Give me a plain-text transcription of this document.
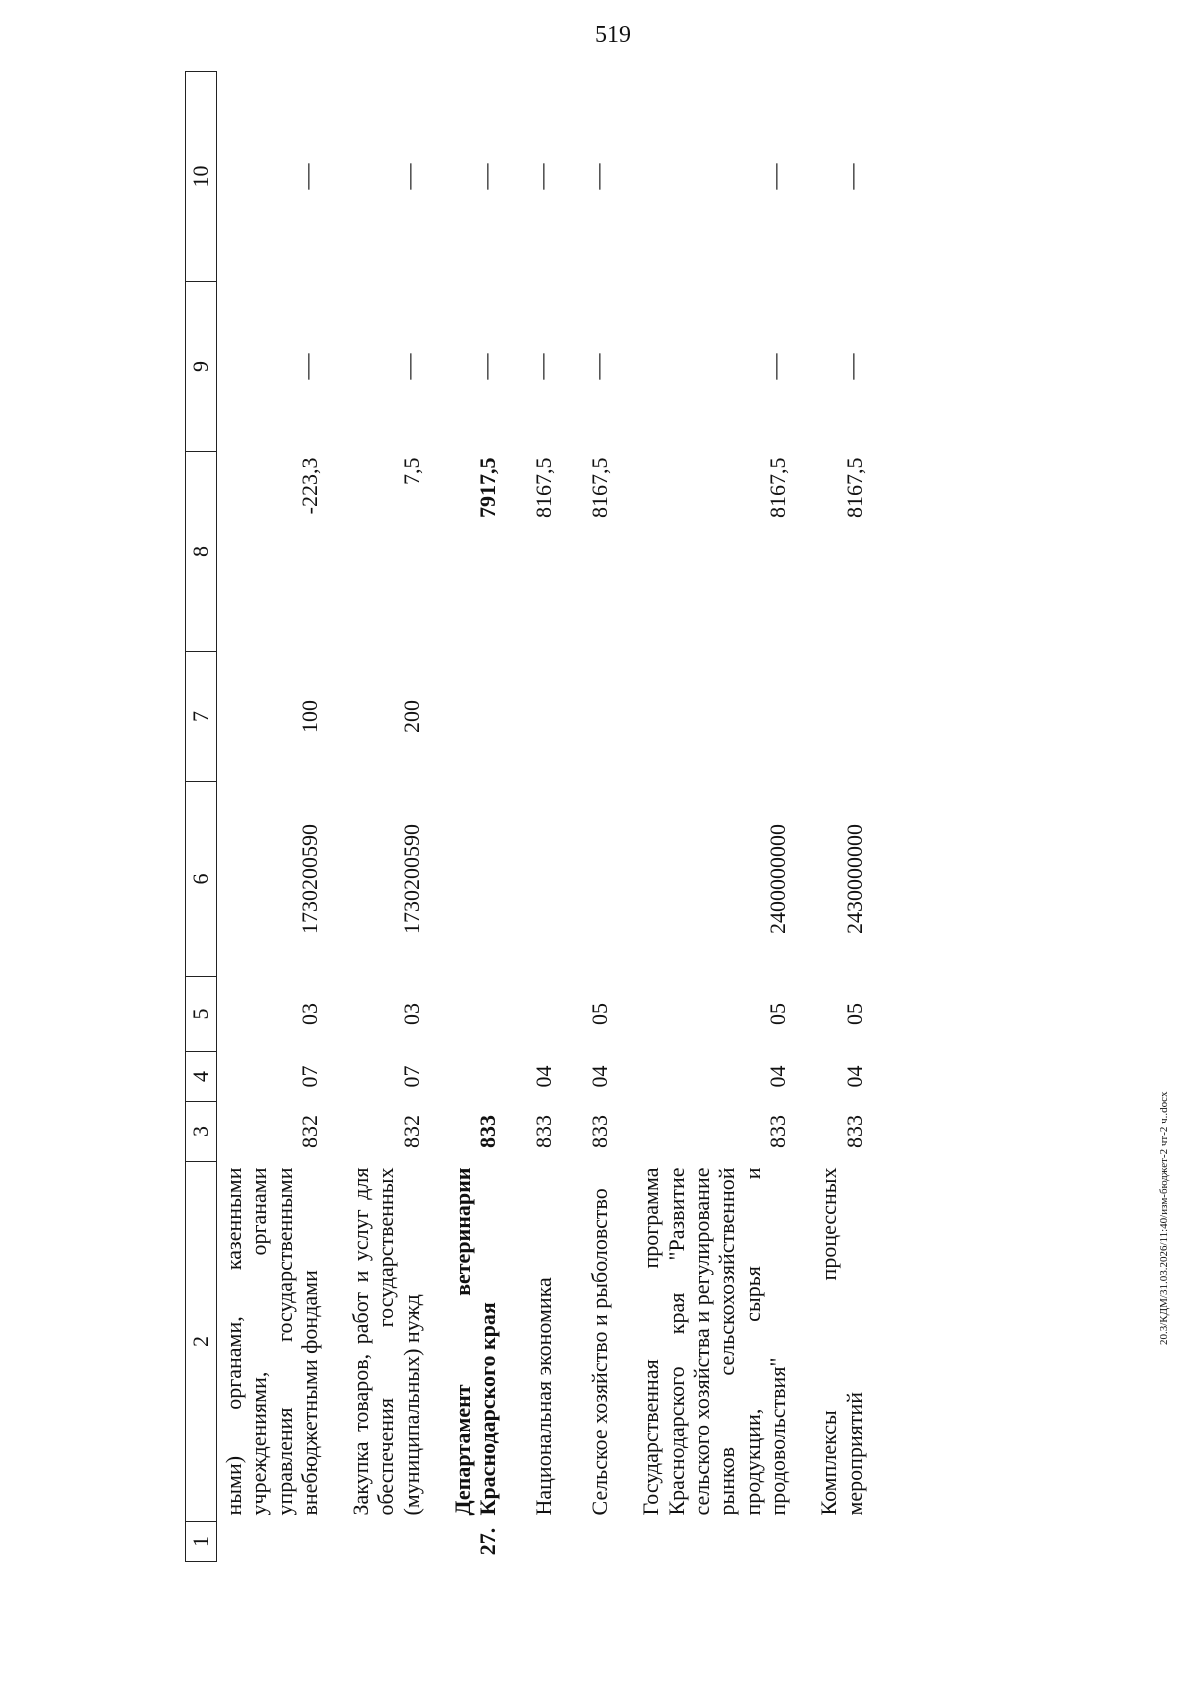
519
20.3/КДМ/31.03.2026/11:40/изм-бюджет-2 чт-2 ч..docx
1	2	3	4	5	6	7	8	9	10
	ными) органами, казенными учреждениями, органами управления государственными внебюджетными фондами	832	07	03	1730200590	100	-223,3	—	—
	Закупка товаров, работ и услуг для обеспечения государственных (муниципальных) нужд	832	07	03	1730200590	200	7,5	—	—
27.	Департамент ветеринарии Краснодарского края	833					7917,5	—	—
	Национальная экономика	833	04				8167,5	—	—
	Сельское хозяйство и рыболовство	833	04	05			8167,5	—	—
	Государственная программа Краснодарского края "Развитие сельского хозяйства и регулирование рынков сельскохозяйственной продукции, сырья и продовольствия"	833	04	05	2400000000		8167,5	—	—
	Комплексы процессных мероприятий	833	04	05	2430000000		8167,5	—	—
